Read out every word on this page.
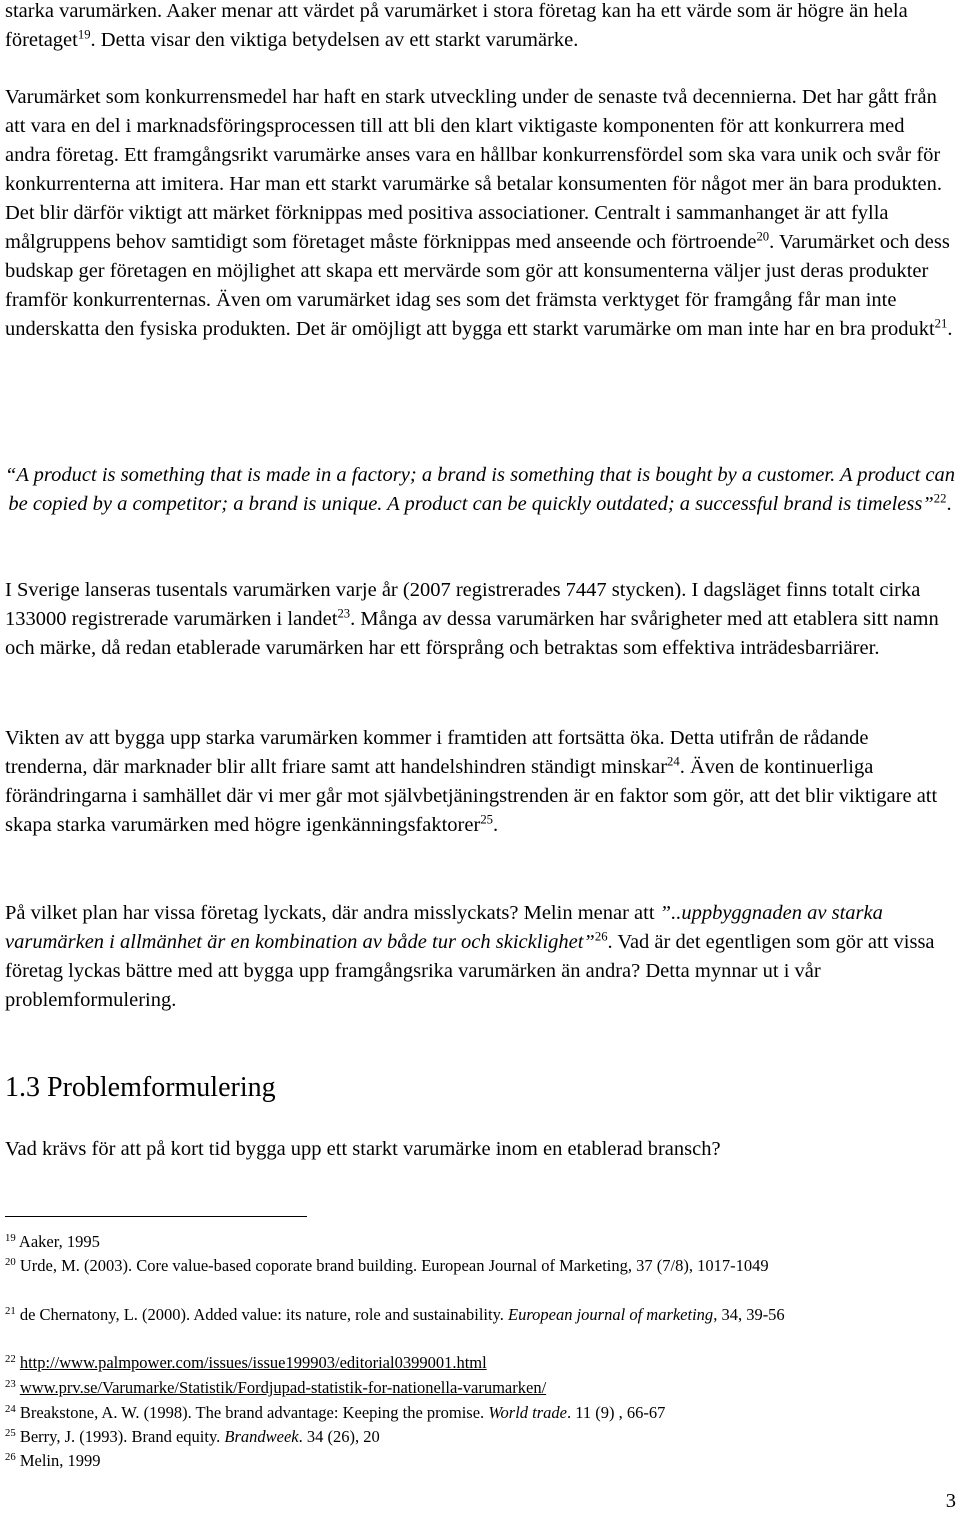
starka varumärken. Aaker menar att värdet på varumärket i stora företag kan ha ett värde som är högre än hela företaget$^{19}$. Detta visar den viktiga betydelsen av ett starkt varumärke.

Varumärket som konkurrensmedel har haft en stark utveckling under de senaste två decennierna. Det har gått från att vara en del i marknadsföringsprocessen till att bli den klart viktigaste komponenten för att konkurrera med andra företag. Ett framgångsrikt varumärke anses vara en hållbar konkurrensfördel som ska vara unik och svår för konkurrenterna att imitera. Har man ett starkt varumärke så betalar konsumenten för något mer än bara produkten. Det blir därför viktigt att märket förknippas med positiva associationer. Centralt i sammanhanget är att fylla målgruppens behov samtidigt som företaget måste förknippas med anseende och förtroende$^{20}$. Varumärket och dess budskap ger företagen en möjlighet att skapa ett mervärde som gör att konsumenterna väljer just deras produkter framför konkurrenternas. Även om varumärket idag ses som det främsta verktyget för framgång får man inte underskatta den fysiska produkten. Det är omöjligt att bygga ett starkt varumärke om man inte har en bra produkt$^{21}$.

“A product is something that is made in a factory; a brand is something that is bought by a customer. A product can be copied by a competitor; a brand is unique. A product can be quickly outdated; a successful brand is timeless”$^{22}$.

I Sverige lanseras tusentals varumärken varje år (2007 registrerades 7447 stycken). I dagsläget finns totalt cirka 133000 registrerade varumärken i landet$^{23}$. Många av dessa varumärken har svårigheter med att etablera sitt namn och märke, då redan etablerade varumärken har ett försprång och betraktas som effektiva inträdesbarriärer.

Vikten av att bygga upp starka varumärken kommer i framtiden att fortsätta öka. Detta utifrån de rådande trenderna, där marknader blir allt friare samt att handelshindren ständigt minskar$^{24}$. Även de kontinuerliga förändringarna i samhället där vi mer går mot självbetjäningstrenden är en faktor som gör, att det blir viktigare att skapa starka varumärken med högre igenkänningsfaktorer$^{25}$.

På vilket plan har vissa företag lyckats, där andra misslyckats? Melin menar att ”..uppbyggnaden av starka varumärken i allmänhet är en kombination av både tur och skicklighet”$^{26}$. Vad är det egentligen som gör att vissa företag lyckas bättre med att bygga upp framgångsrika varumärken än andra? Detta mynnar ut i vår problemformulering.

1.3 Problemformulering

Vad krävs för att på kort tid bygga upp ett starkt varumärke inom en etablerad bransch?

$^{19}$ Aaker, 1995

$^{20}$ Urde, M. (2003). Core value-based coporate brand building. European Journal of Marketing, 37 (7/8), 1017-1049

$^{21}$ de Chernatony, L. (2000). Added value: its nature, role and sustainability. European journal of marketing, 34, 39-56

$^{22}$ http://www.palmpower.com/issues/issue199903/editorial0399001.html

$^{23}$ www.prv.se/Varumarke/Statistik/Fordjupad-statistik-for-nationella-varumarken/

$^{24}$ Breakstone, A. W. (1998). The brand advantage: Keeping the promise. World trade. 11 (9) , 66-67

$^{25}$ Berry, J. (1993). Brand equity. Brandweek. 34 (26), 20

$^{26}$ Melin, 1999

3
